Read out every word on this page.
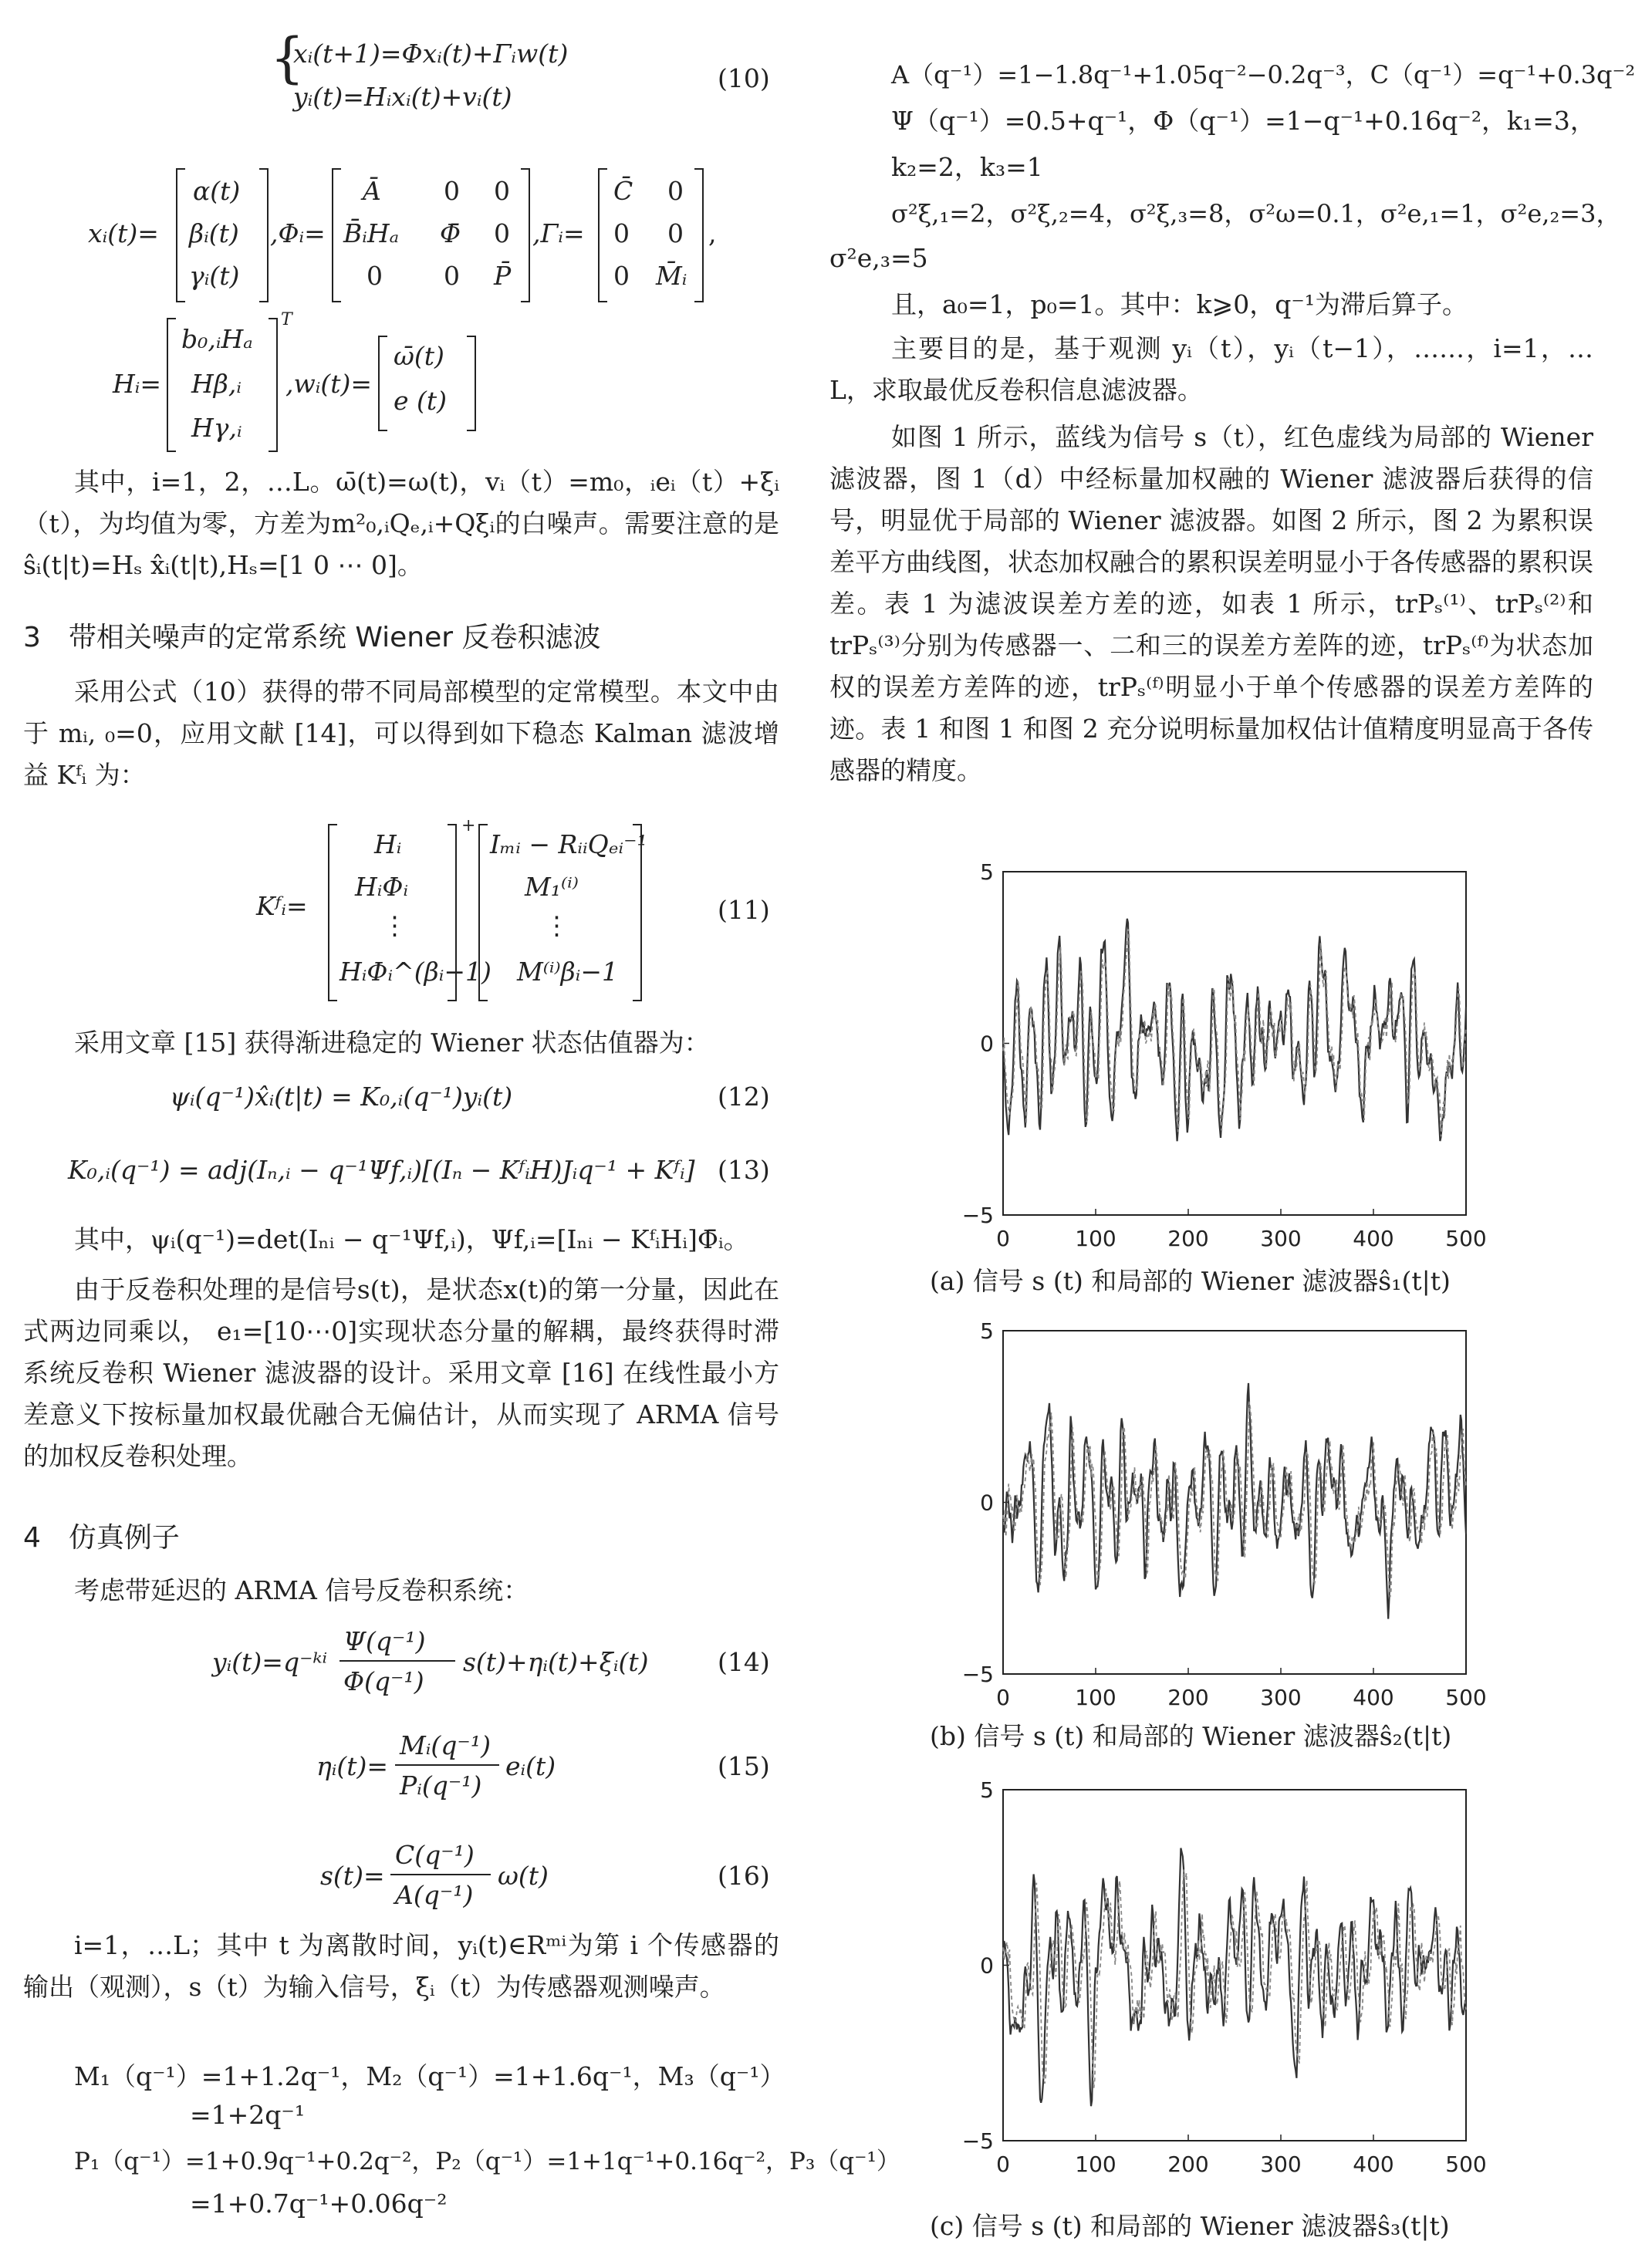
{
xᵢ(t+1)=Φxᵢ(t)+Γᵢw(t)
yᵢ(t)=Hᵢxᵢ(t)+vᵢ(t)
(10)
xᵢ(t)=
α(t)
βᵢ(t)
γᵢ(t)
,Φᵢ=
Ā 0 0
B̄ᵢHₐ Φ̄ 0
0 0 P̄
,Γᵢ=
C̄ 0
0 0
0 M̄ᵢ
,
Hᵢ=
b₀,ᵢHₐ
Hβ,ᵢ
Hγ,ᵢ
T
,wᵢ(t)=
ω̄(t)
e (t)
其中，i=1，2，…L。ω̄(t)=ω(t)，vᵢ（t）=m₀，ᵢeᵢ（t）+ξᵢ（t），为均值为零，方差为m²₀,ᵢQₑ,ᵢ+Qξᵢ的白噪声。需要注意的是ŝᵢ(t|t)=Hₛ x̂ᵢ(t|t),Hₛ=[1 0 ⋯ 0]。
3　带相关噪声的定常系统 Wiener 反卷积滤波
采用公式（10）获得的带不同局部模型的定常模型。本文中由于 mᵢ, ₀=0，应用文献 [14]，可以得到如下稳态 Kalman 滤波增益 Kᶠᵢ 为：
Kᶠᵢ=
Hᵢ
HᵢΦᵢ
⋮
HᵢΦᵢ^(βᵢ−1)
+
Iₘᵢ − RᵢᵢQₑᵢ⁻¹
M₁⁽ⁱ⁾
⋮
M⁽ⁱ⁾βᵢ−1
(11)
采用文章 [15] 获得渐进稳定的 Wiener 状态估值器为：
ψᵢ(q⁻¹)x̂ᵢ(t|t) = K₀,ᵢ(q⁻¹)yᵢ(t)	(12)
K₀,ᵢ(q⁻¹) = adj(Iₙ,ᵢ − q⁻¹Ψf,ᵢ)[(Iₙ − KᶠᵢH)Jᵢq⁻¹ + Kᶠᵢ] (13)
其中，ψᵢ(q⁻¹)=det(Iₙᵢ − q⁻¹Ψf,ᵢ)，Ψf,ᵢ=[Iₙᵢ − KᶠᵢHᵢ]Φ̄ᵢ。
由于反卷积处理的是信号s(t)，是状态x(t)的第一分量，因此在式两边同乘以， e₁=[10⋯0]实现状态分量的解耦，最终获得时滞系统反卷积 Wiener 滤波器的设计。采用文章 [16] 在线性最小方差意义下按标量加权最优融合无偏估计，从而实现了 ARMA 信号的加权反卷积处理。
4　仿真例子
考虑带延迟的 ARMA 信号反卷积系统：
yᵢ(t)=q⁻ᵏⁱ
Ψ(q⁻¹)
Φ(q⁻¹)
s(t)+ηᵢ(t)+ξᵢ(t)	(14)
ηᵢ(t)=
Mᵢ(q⁻¹)
Pᵢ(q⁻¹)
eᵢ(t)	(15)
s(t)=
C(q⁻¹)
A(q⁻¹)
ω(t)	(16)
i=1，…L；其中 t 为离散时间，yᵢ(t)∈Rᵐⁱ为第 i 个传感器的输出（观测），s（t）为输入信号，ξᵢ（t）为传感器观测噪声。
M₁（q⁻¹）=1+1.2q⁻¹，M₂（q⁻¹）=1+1.6q⁻¹，M₃（q⁻¹）
=1+2q⁻¹
P₁（q⁻¹）=1+0.9q⁻¹+0.2q⁻²，P₂（q⁻¹）=1+1q⁻¹+0.16q⁻²，P₃（q⁻¹）
=1+0.7q⁻¹+0.06q⁻²
A（q⁻¹）=1−1.8q⁻¹+1.05q⁻²−0.2q⁻³，C（q⁻¹）=q⁻¹+0.3q⁻²
Ψ（q⁻¹）=0.5+q⁻¹，Φ（q⁻¹）=1−q⁻¹+0.16q⁻²，k₁=3，
k₂=2，k₃=1
σ²ξ,₁=2，σ²ξ,₂=4，σ²ξ,₃=8，σ²ω=0.1，σ²e,₁=1，σ²e,₂=3，
σ²e,₃=5
且，a₀=1，p₀=1。其中：k⩾0，q⁻¹为滞后算子。
主要目的是，基于观测 yᵢ（t），yᵢ（t−1），……，i=1，…L，求取最优反卷积信息滤波器。
如图 1 所示，蓝线为信号 s（t），红色虚线为局部的 Wiener 滤波器，图 1（d）中经标量加权融的 Wiener 滤波器后获得的信号，明显优于局部的 Wiener 滤波器。如图 2 所示，图 2 为累积误差平方曲线图，状态加权融合的累积误差明显小于各传感器的累积误差。表 1 为滤波误差方差的迹，如表 1 所示，trPₛ⁽¹⁾、trPₛ⁽²⁾和trPₛ⁽³⁾分别为传感器一、二和三的误差方差阵的迹，trPₛ⁽ᶠ⁾为状态加权的误差方差阵的迹，trPₛ⁽ᶠ⁾明显小于单个传感器的误差方差阵的迹。表 1 和图 1 和图 2 充分说明标量加权估计值精度明显高于各传感器的精度。
0	100 200 300 400 500
5
0
−5
(a) 信号 s (t) 和局部的 Wiener 滤波器ŝ₁(t|t)
0	100 200 300 400 500
5
0
−5
(b) 信号 s (t) 和局部的 Wiener 滤波器ŝ₂(t|t)
0	100 200 300 400 500
5
0
−5
(c) 信号 s (t) 和局部的 Wiener 滤波器ŝ₃(t|t)
